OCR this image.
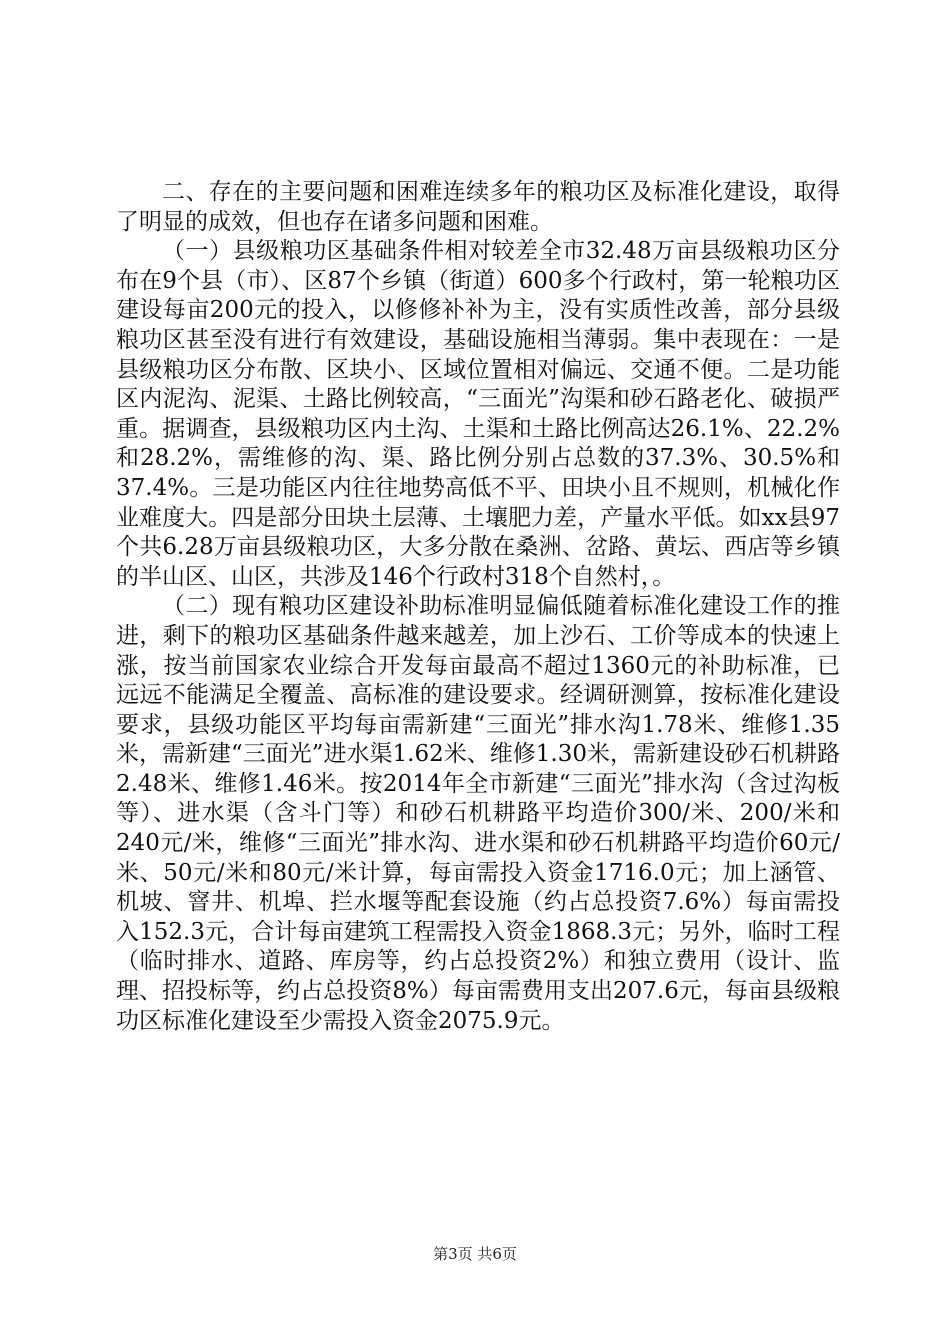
二、存在的主要问题和困难连续多年的粮功区及标准化建设，取得了明显的成效，但也存在诸多问题和困难。

（一）县级粮功区基础条件相对较差全市32.48万亩县级粮功区分布在9个县（市）、区87个乡镇（街道）600多个行政村，第一轮粮功区建设每亩200元的投入，以修修补补为主，没有实质性改善，部分县级粮功区甚至没有进行有效建设，基础设施相当薄弱。集中表现在：一是县级粮功区分布散、区块小、区域位置相对偏远、交通不便。二是功能区内泥沟、泥渠、土路比例较高，“三面光”沟渠和砂石路老化、破损严重。据调查，县级粮功区内土沟、土渠和土路比例高达26.1%、22.2%和28.2%，需维修的沟、渠、路比例分别占总数的37.3%、30.5%和37.4%。三是功能区内往往地势高低不平、田块小且不规则，机械化作业难度大。四是部分田块土层薄、土壤肥力差，产量水平低。如xx县97个共6.28万亩县级粮功区，大多分散在桑洲、岔路、黄坛、西店等乡镇的半山区、山区，共涉及146个行政村318个自然村，。

（二）现有粮功区建设补助标准明显偏低随着标准化建设工作的推进，剩下的粮功区基础条件越来越差，加上沙石、工价等成本的快速上涨，按当前国家农业综合开发每亩最高不超过1360元的补助标准，已远远不能满足全覆盖、高标准的建设要求。经调研测算，按标准化建设要求，县级功能区平均每亩需新建“三面光”排水沟1.78米、维修1.35米，需新建“三面光”进水渠1.62米、维修1.30米，需新建设砂石机耕路2.48米、维修1.46米。按2014年全市新建“三面光”排水沟（含过沟板等）、进水渠（含斗门等）和砂石机耕路平均造价300/米、200/米和240元/米，维修“三面光”排水沟、进水渠和砂石机耕路平均造价60元/米、50元/米和80元/米计算，每亩需投入资金1716.0元；加上涵管、机坡、窨井、机埠、拦水堰等配套设施（约占总投资7.6%）每亩需投入152.3元，合计每亩建筑工程需投入资金1868.3元；另外，临时工程（临时排水、道路、库房等，约占总投资2%）和独立费用（设计、监理、招投标等，约占总投资8%）每亩需费用支出207.6元，每亩县级粮功区标准化建设至少需投入资金2075.9元。

第3页 共6页
